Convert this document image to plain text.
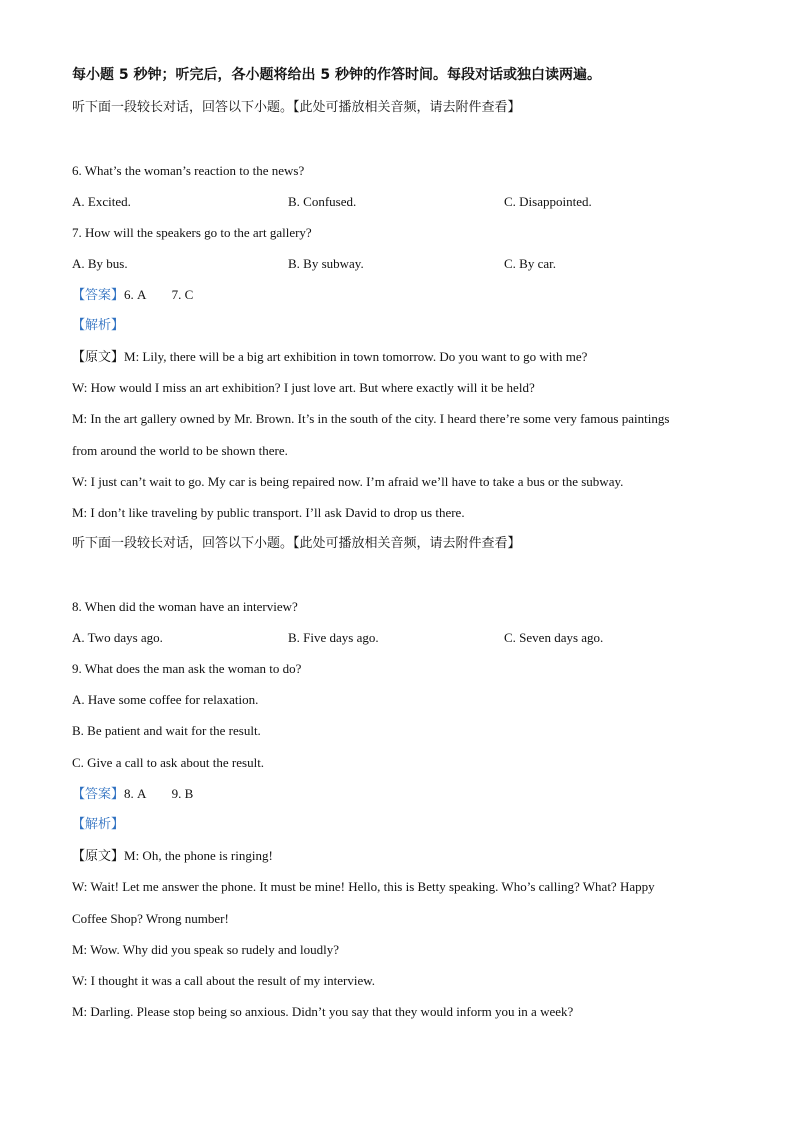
每小题 5 秒钟；听完后，各小题将给出 5 秒钟的作答时间。每段对话或独白读两遍。
听下面一段较长对话，回答以下小题。【此处可播放相关音频，请去附件查看】
6. What’s the woman’s reaction to the news?
A. Excited.	B. Confused.	C. Disappointed.
7. How will the speakers go to the art gallery?
A. By bus.	B. By subway.	C. By car.
【答案】6. A　　7. C
【解析】
【原文】M: Lily, there will be a big art exhibition in town tomorrow. Do you want to go with me?
W: How would I miss an art exhibition? I just love art. But where exactly will it be held?
M: In the art gallery owned by Mr. Brown. It’s in the south of the city. I heard there’re some very famous paintings
from around the world to be shown there.
W: I just can’t wait to go. My car is being repaired now. I’m afraid we’ll have to take a bus or the subway.
M: I don’t like traveling by public transport. I’ll ask David to drop us there.
听下面一段较长对话，回答以下小题。【此处可播放相关音频，请去附件查看】
8. When did the woman have an interview?
A. Two days ago.	B. Five days ago.	C. Seven days ago.
9. What does the man ask the woman to do?
A. Have some coffee for relaxation.
B. Be patient and wait for the result.
C. Give a call to ask about the result.
【答案】8. A　　9. B
【解析】
【原文】M: Oh, the phone is ringing!
W: Wait! Let me answer the phone. It must be mine! Hello, this is Betty speaking. Who’s calling? What? Happy
Coffee Shop? Wrong number!
M: Wow. Why did you speak so rudely and loudly?
W: I thought it was a call about the result of my interview.
M: Darling. Please stop being so anxious. Didn’t you say that they would inform you in a week?
